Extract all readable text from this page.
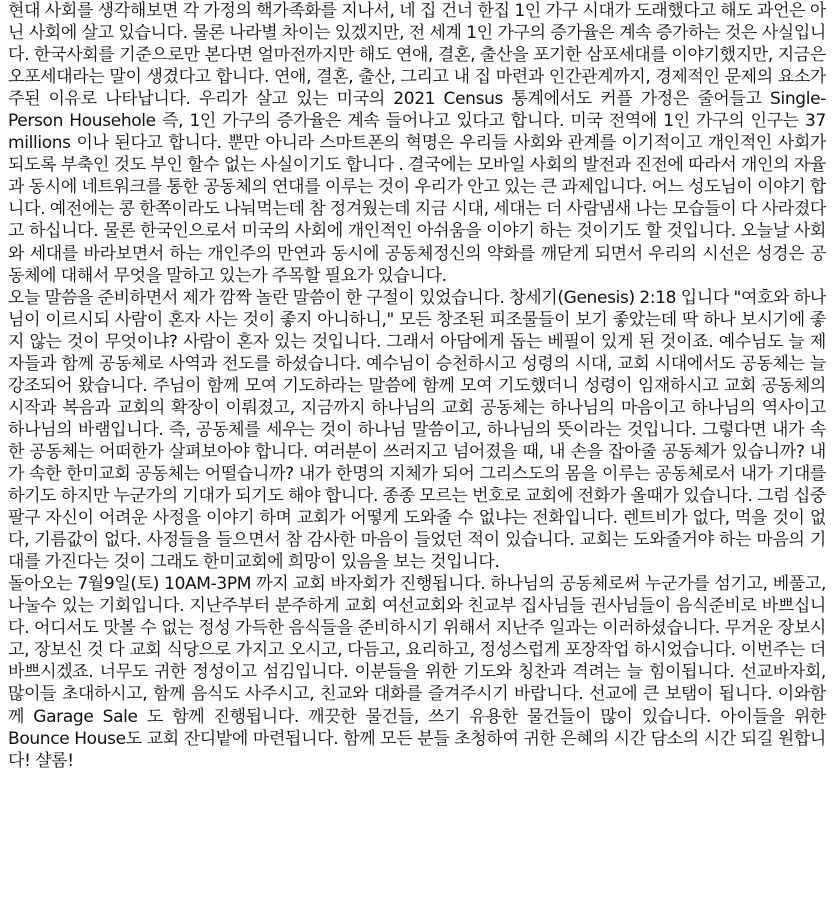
현대 사회를 생각해보면 각 가정의 핵가족화를 지나서, 네 집 건너 한집 1인 가구 시대가 도래했다고 해도 과언은 아닌 사회에 살고 있습니다. 물론 나라별 차이는 있겠지만, 전 세계 1인 가구의 증가율은 계속 증가하는 것은 사실입니다. 한국사회를 기준으로만 본다면 얼마전까지만 해도 연애, 결혼, 출산을 포기한 삼포세대를 이야기했지만, 지금은 오포세대라는 말이 생겼다고 합니다. 연애, 결혼, 출산, 그리고 내 집 마련과 인간관계까지, 경제적인 문제의 요소가 주된 이유로 나타납니다. 우리가 살고 있는 미국의 2021 Census 통계에서도 커플 가정은 줄어들고 Single-Person Householе 즉, 1인 가구의 증가율은 계속 들어나고 있다고 합니다. 미국 전역에 1인 가구의 인구는 37 millions 이나 된다고 합니다. 뿐만 아니라 스마트폰의 혁명은 우리들 사회와 관계를 이기적이고 개인적인 사회가 되도록 부축인 것도 부인 할수 없는 사실이기도 합니다 . 결국에는 모바일 사회의 발전과 진전에 따라서 개인의 자율과 동시에 네트워크를 통한 공동체의 연대를 이루는 것이 우리가 안고 있는 큰 과제입니다. 어느 성도님이 이야기 합니다. 예전에는 콩 한쪽이라도 나눠먹는데 참 정겨웠는데 지금 시대, 세대는 더 사람냄새 나는 모습들이 다 사라졌다고 하십니다. 물론 한국인으로서 미국의 사회에 개인적인 아쉬움을 이야기 하는 것이기도 할 것입니다. 오늘날 사회와 세대를 바라보면서 하는 개인주의 만연과 동시에 공동체정신의 약화를 깨닫게 되면서 우리의 시선은 성경은 공동체에 대해서 무엇을 말하고 있는가 주목할 필요가 있습니다.

오늘 말씀을 준비하면서 제가 깜짝 놀란 말씀이 한 구절이 있었습니다. 창세기(Genesis) 2:18 입니다 "여호와 하나님이 이르시되 사람이 혼자 사는 것이 좋지 아니하니," 모든 창조된 피조물들이 보기 좋았는데 딱 하나 보시기에 좋지 않는 것이 무엇이냐? 사람이 혼자 있는 것입니다. 그래서 아담에게 돕는 베필이 있게 된 것이죠. 예수님도 늘 제자들과 함께 공동체로 사역과 전도를 하셨습니다. 예수님이 승천하시고 성령의 시대, 교회 시대에서도 공동체는 늘 강조되어 왔습니다. 주님이 함께 모여 기도하라는 말씀에 함께 모여 기도했더니 성령이 임재하시고 교회 공동체의 시작과 복음과 교회의 확장이 이뤄졌고, 지금까지 하나님의 교회 공동체는 하나님의 마음이고 하나님의 역사이고 하나님의 바램입니다. 즉, 공동체를 세우는 것이 하나님 말씀이고, 하나님의 뜻이라는 것입니다. 그렇다면 내가 속한 공동체는 어떠한가 살펴보아야 합니다. 여러분이 쓰러지고 넘어졌을 때, 내 손을 잡아줄 공동체가 있습니까? 내가 속한 한미교회 공동체는 어떨습니까? 내가 한명의 지체가 되어 그리스도의 몸을 이루는 공동체로서 내가 기대를 하기도 하지만 누군가의 기대가 되기도 해야 합니다. 종종 모르는 번호로 교회에 전화가 올때가 있습니다. 그럼 십중팔구 자신이 어려운 사정을 이야기 하며 교회가 어떻게 도와줄 수 없냐는 전화입니다. 렌트비가 없다, 먹을 것이 없다, 기름값이 없다. 사정들을 들으면서 참 감사한 마음이 들었던 적이 있습니다. 교회는 도와줄거야 하는 마음의 기대를 가진다는 것이 그래도 한미교회에 희망이 있음을 보는 것입니다.

돌아오는 7월9일(토) 10AM-3PM 까지 교회 바자회가 진행됩니다. 하나님의 공동체로써 누군가를 섬기고, 베풀고, 나눌수 있는 기회입니다. 지난주부터 분주하게 교회 여선교회와 친교부 집사님들 권사님들이 음식준비로 바쁘십니다. 어디서도 맛볼 수 없는 정성 가득한 음식들을 준비하시기 위해서 지난주 일과는 이러하셨습니다. 무거운 장보시고, 장보신 것 다 교회 식당으로 가지고 오시고, 다듬고, 요리하고, 정성스럽게 포장작업 하시었습니다. 이번주는 더 바쁘시겠죠. 너무도 귀한 정성이고 섬김입니다. 이분들을 위한 기도와 칭찬과 격려는 늘 힘이됩니다. 선교바자회, 많이들 초대하시고, 함께 음식도 사주시고, 친교와 대화를 즐겨주시기 바랍니다. 선교에 큰 보탬이 됩니다. 이와함께 Garage Sale 도 함께 진행됩니다. 깨끗한 물건들, 쓰기 유용한 물건들이 많이 있습니다. 아이들을 위한 Bounce House도 교회 잔디밭에 마련됩니다. 함께 모든 분들 초청하여 귀한 은혜의 시간 담소의 시간 되길 원합니다! 샬롬!
